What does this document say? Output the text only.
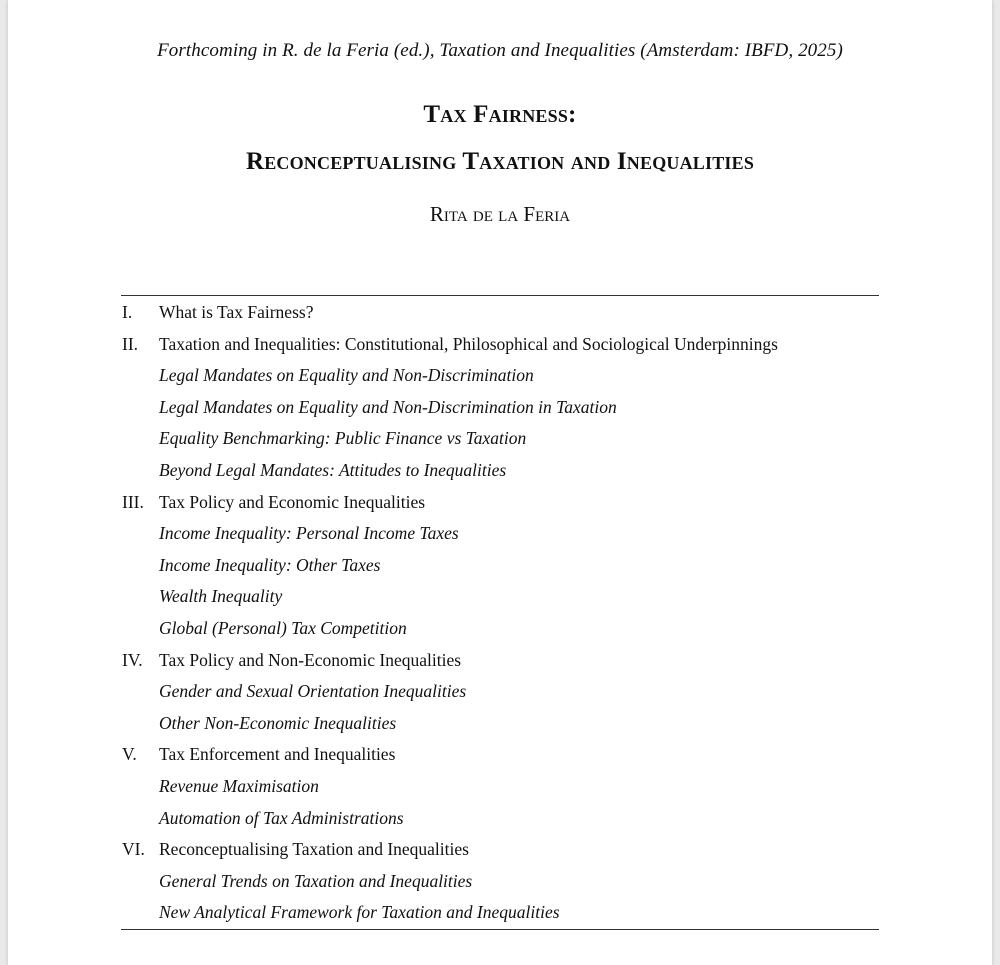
Forthcoming in R. de la Feria (ed.), Taxation and Inequalities (Amsterdam: IBFD, 2025)
Tax Fairness:
Reconceptualising Taxation and Inequalities
Rita de la Feria
I. What is Tax Fairness?
II. Taxation and Inequalities: Constitutional, Philosophical and Sociological Underpinnings
Legal Mandates on Equality and Non-Discrimination
Legal Mandates on Equality and Non-Discrimination in Taxation
Equality Benchmarking: Public Finance vs Taxation
Beyond Legal Mandates: Attitudes to Inequalities
III. Tax Policy and Economic Inequalities
Income Inequality: Personal Income Taxes
Income Inequality: Other Taxes
Wealth Inequality
Global (Personal) Tax Competition
IV. Tax Policy and Non-Economic Inequalities
Gender and Sexual Orientation Inequalities
Other Non-Economic Inequalities
V. Tax Enforcement and Inequalities
Revenue Maximisation
Automation of Tax Administrations
VI. Reconceptualising Taxation and Inequalities
General Trends on Taxation and Inequalities
New Analytical Framework for Taxation and Inequalities
